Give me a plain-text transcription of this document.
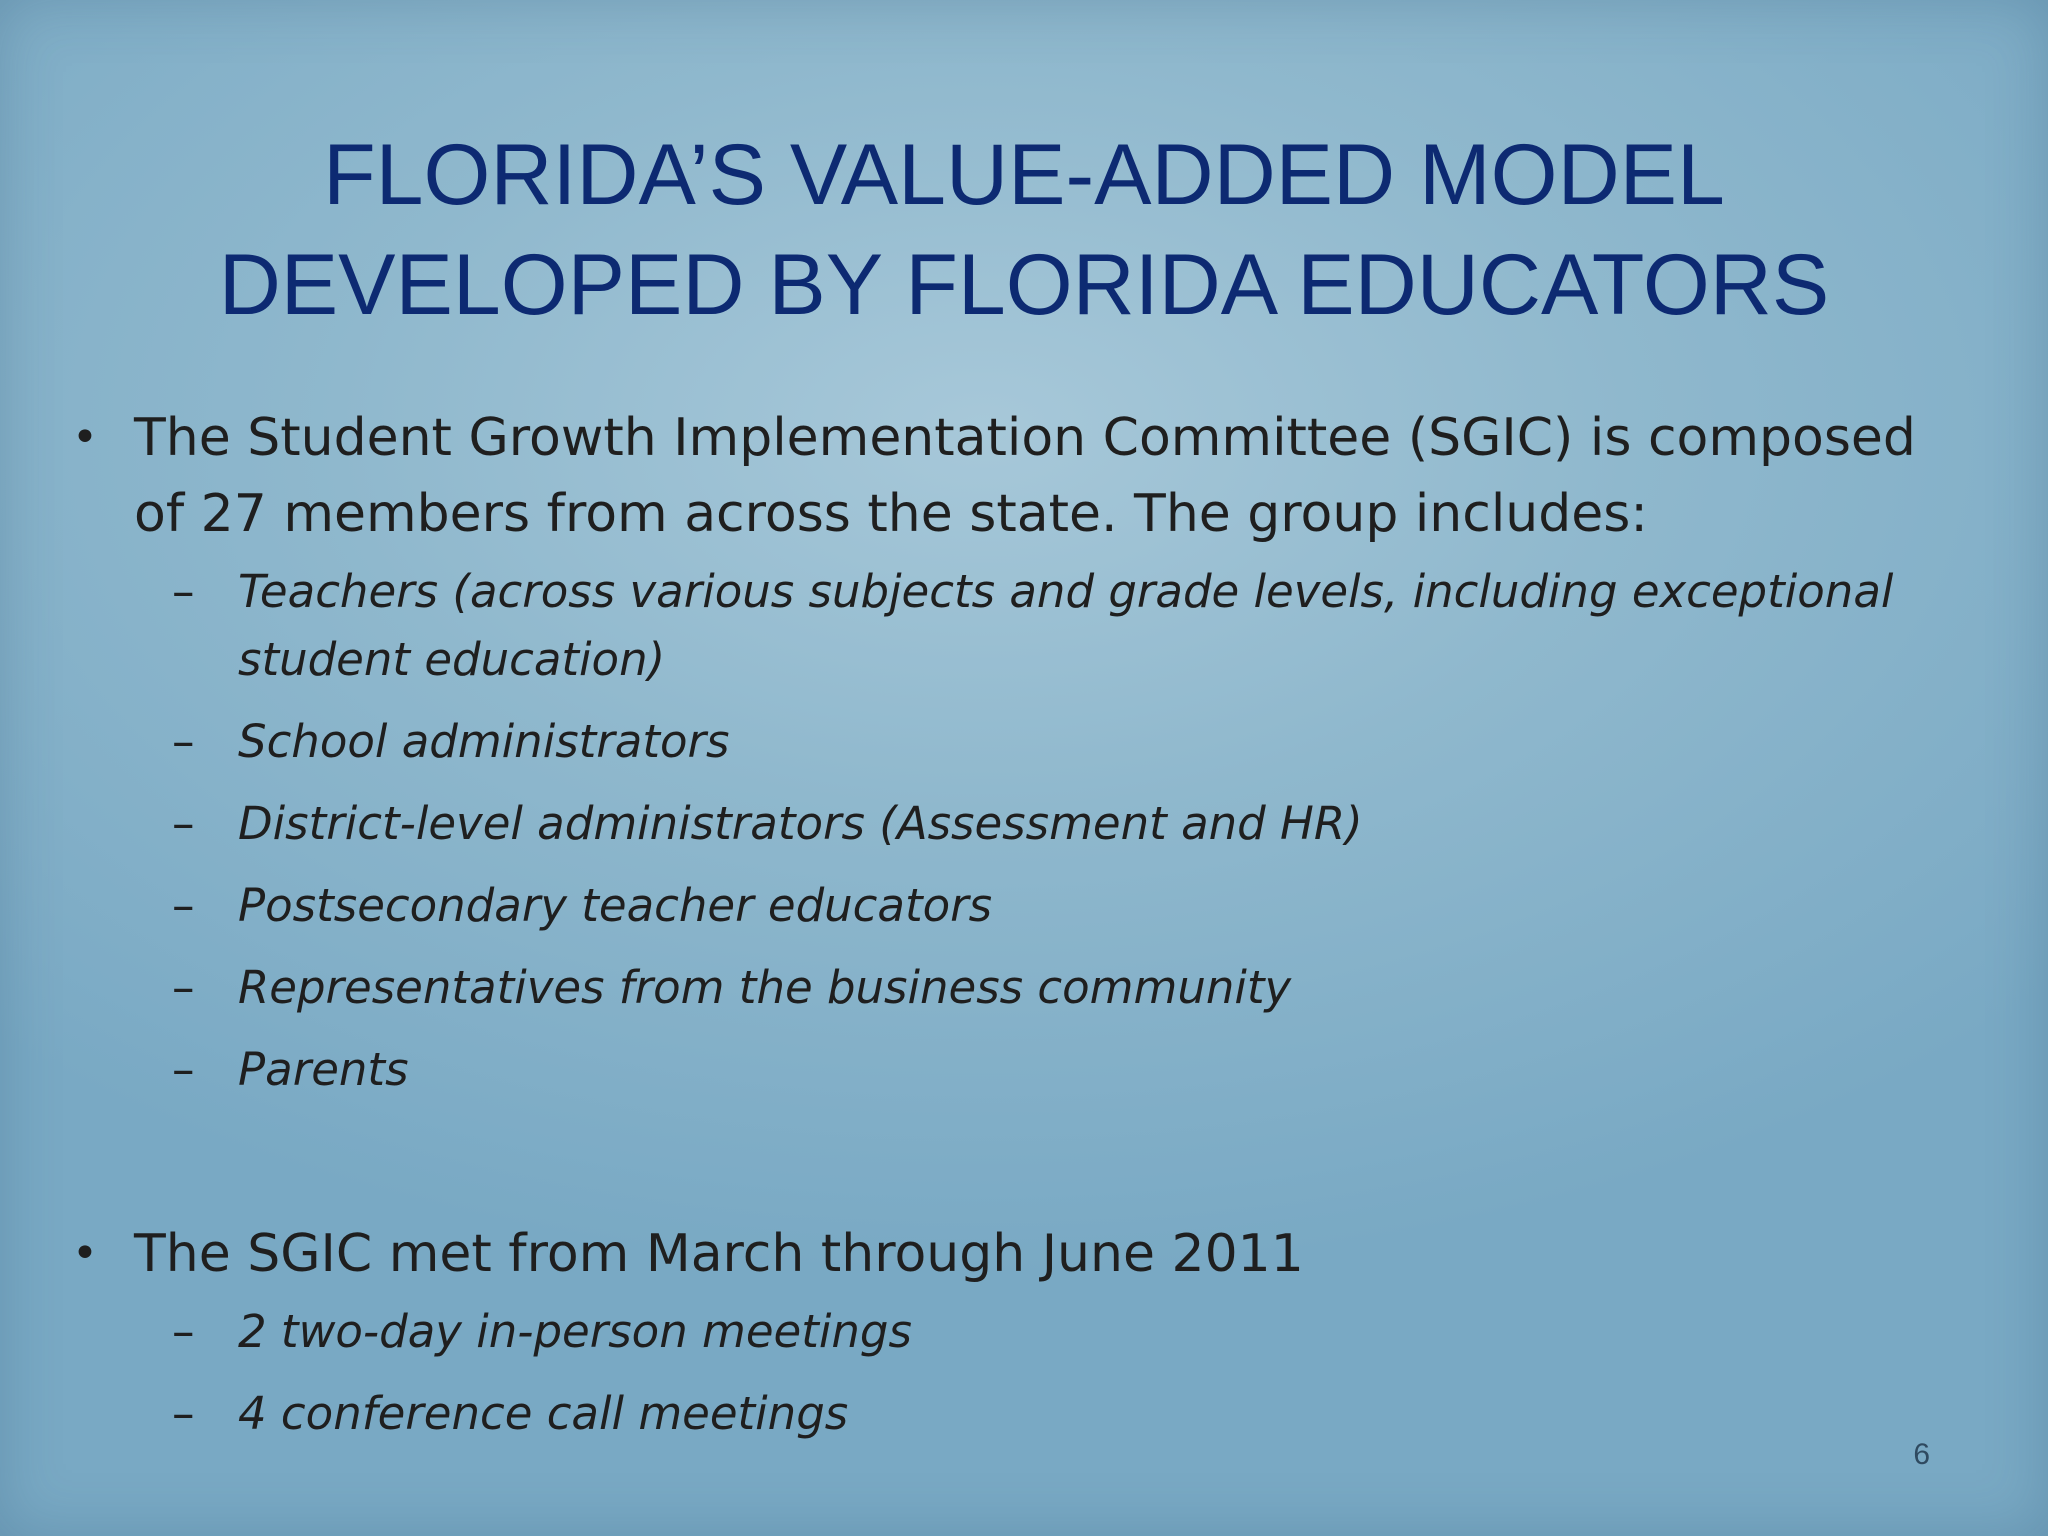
FLORIDA’S VALUE-ADDED MODEL
DEVELOPED BY FLORIDA EDUCATORS
• The Student Growth Implementation Committee (SGIC) is composed of 27 members from across the state. The group includes:
– Teachers (across various subjects and grade levels, including exceptional student education)
– School administrators
– District-level administrators (Assessment and HR)
– Postsecondary teacher educators
– Representatives from the business community
– Parents
• The SGIC met from March through June 2011
– 2 two-day in-person meetings
– 4 conference call meetings
6
